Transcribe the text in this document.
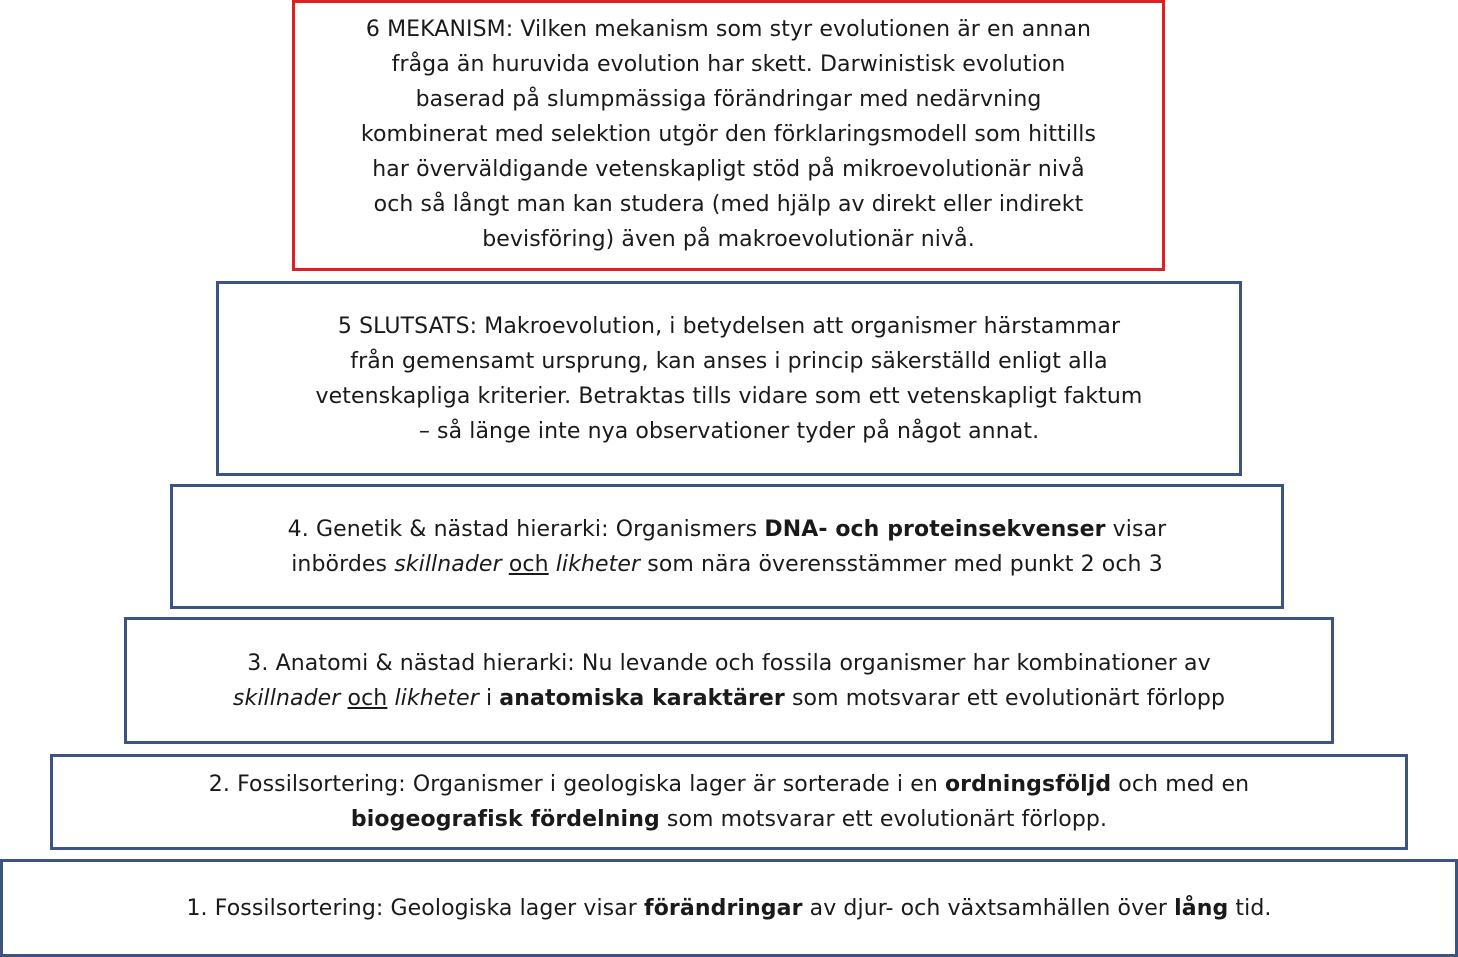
6 MEKANISM: Vilken mekanism som styr evolutionen är en annan
fråga än huruvida evolution har skett. Darwinistisk evolution
baserad på slumpmässiga förändringar med nedärvning
kombinerat med selektion utgör den förklaringsmodell som hittills
har överväldigande vetenskapligt stöd på mikroevolutionär nivå
och så långt man kan studera (med hjälp av direkt eller indirekt
bevisföring) även på makroevolutionär nivå.
5 SLUTSATS: Makroevolution, i betydelsen att organismer härstammar
från gemensamt ursprung, kan anses i princip säkerställd enligt alla
vetenskapliga kriterier. Betraktas tills vidare som ett vetenskapligt faktum
– så länge inte nya observationer tyder på något annat.
4. Genetik & nästad hierarki: Organismers DNA- och proteinsekvenser visar
inbördes skillnader och likheter som nära överensstämmer med punkt 2 och 3
3. Anatomi & nästad hierarki: Nu levande och fossila organismer har kombinationer av
skillnader och likheter i anatomiska karaktärer som motsvarar ett evolutionärt förlopp
2. Fossilsortering: Organismer i geologiska lager är sorterade i en ordningsföljd och med en
biogeografisk fördelning som motsvarar ett evolutionärt förlopp.
1. Fossilsortering: Geologiska lager visar förändringar av djur- och växtsamhällen över lång tid.
